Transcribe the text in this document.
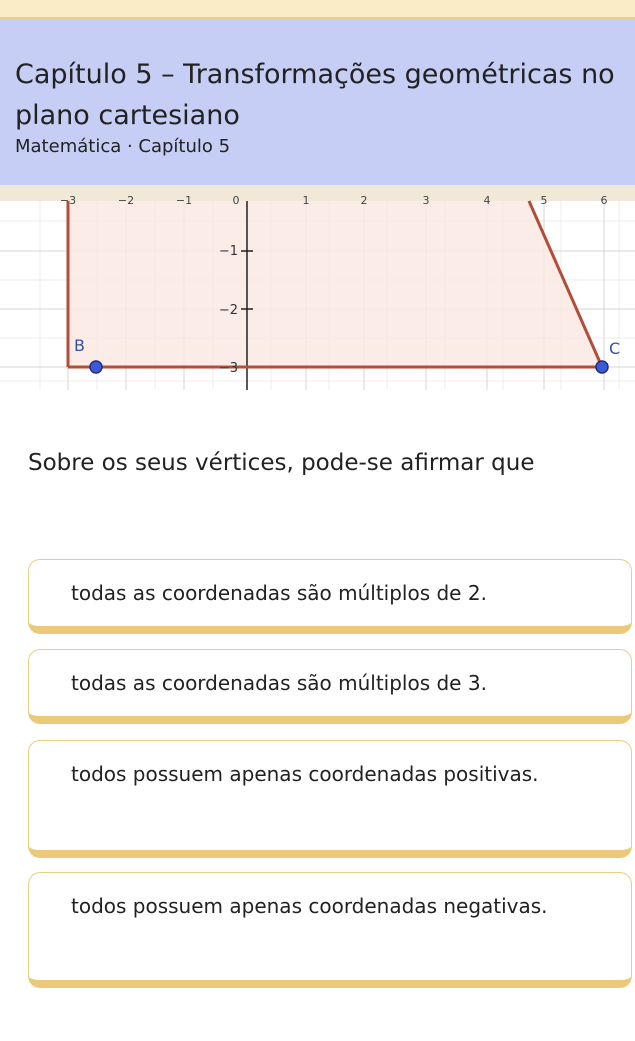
Capítulo 5 – Transformações geométricas no plano cartesiano
Matemática · Capítulo 5
−3	−2	−1	0	1	2	3	4	5	6
−1
−2
−3
B	C

Sobre os seus vértices, pode-se afirmar que

todas as coordenadas são múltiplos de 2.
todas as coordenadas são múltiplos de 3.
todos possuem apenas coordenadas positivas.
todos possuem apenas coordenadas negativas.
